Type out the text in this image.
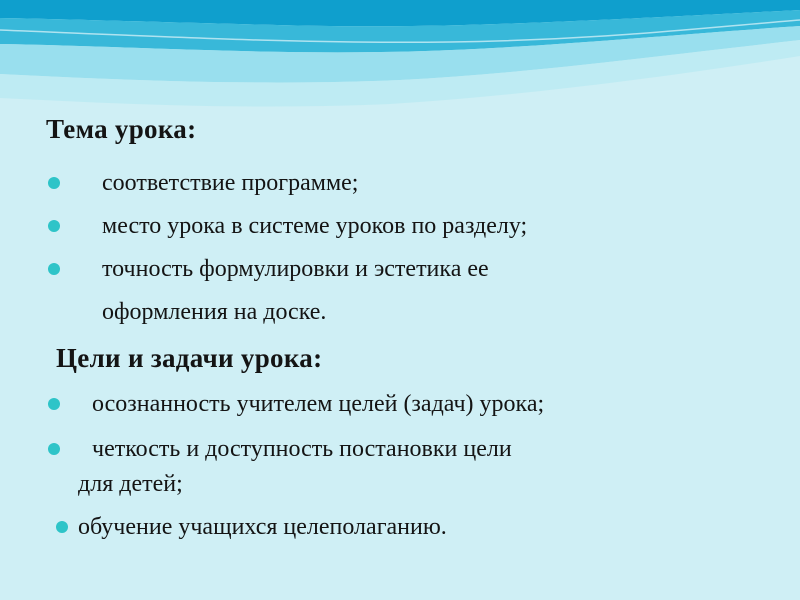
Тема урока:
соответствие программе;
место урока в системе уроков по разделу;
точность формулировки и эстетика ее
оформления на доске.
Цели и задачи урока:
осознанность учителем целей (задач) урока;
четкость и доступность постановки цели
для детей;
обучение учащихся целеполаганию.
